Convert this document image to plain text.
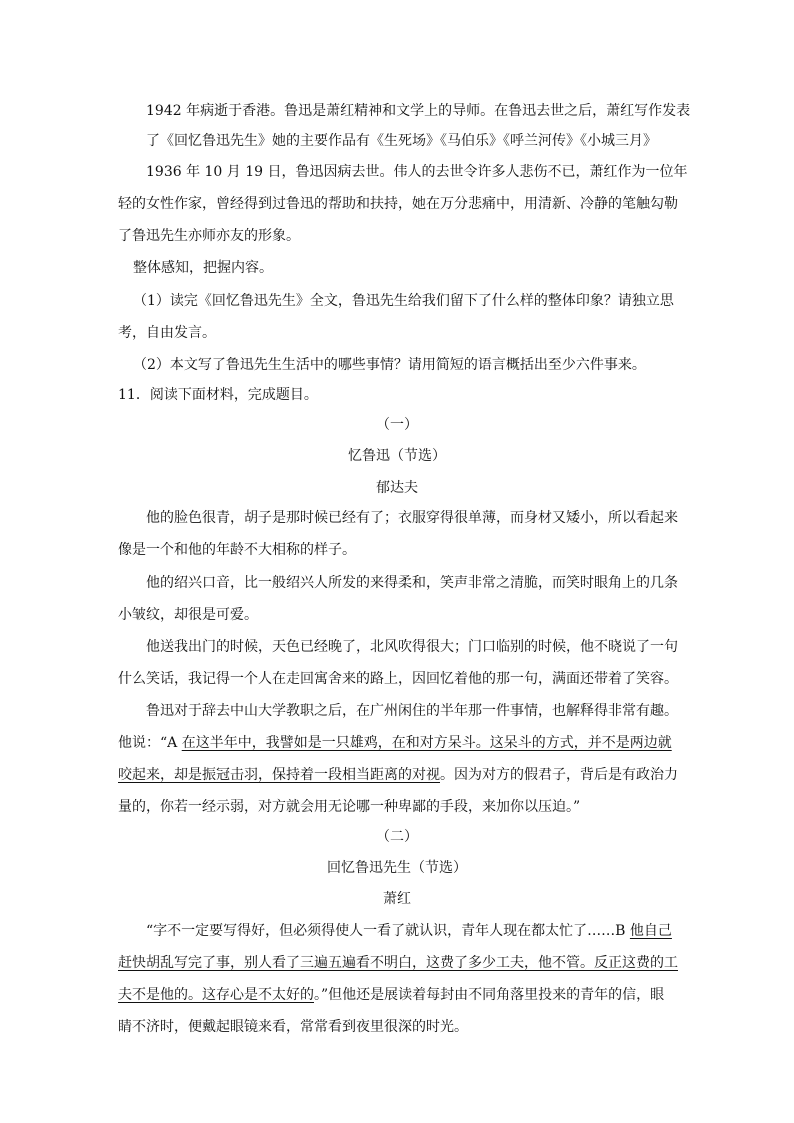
1942 年病逝于香港。鲁迅是萧红精神和文学上的导师。在鲁迅去世之后，萧红写作发表
了《回忆鲁迅先生》她的主要作品有《生死场》《马伯乐》《呼兰河传》《小城三月》
1936 年 10 月 19 日，鲁迅因病去世。伟人的去世令许多人悲伤不已，萧红作为一位年
轻的女性作家，曾经得到过鲁迅的帮助和扶持，她在万分悲痛中，用清新、冷静的笔触勾勒
了鲁迅先生亦师亦友的形象。
整体感知，把握内容。
（1）读完《回忆鲁迅先生》全文，鲁迅先生给我们留下了什么样的整体印象？请独立思
考，自由发言。
（2）本文写了鲁迅先生生活中的哪些事情？请用简短的语言概括出至少六件事来。
11．阅读下面材料，完成题目。
（一）
忆鲁迅（节选）
郁达夫
他的脸色很青，胡子是那时候已经有了；衣服穿得很单薄，而身材又矮小，所以看起来
像是一个和他的年龄不大相称的样子。
他的绍兴口音，比一般绍兴人所发的来得柔和，笑声非常之清脆，而笑时眼角上的几条
小皱纹，却很是可爱。
他送我出门的时候，天色已经晚了，北风吹得很大；门口临别的时候，他不晓说了一句
什么笑话，我记得一个人在走回寓舍来的路上，因回忆着他的那一句，满面还带着了笑容。
鲁迅对于辞去中山大学教职之后，在广州闲住的半年那一件事情，也解释得非常有趣。
他说：“A 在这半年中，我譬如是一只雄鸡，在和对方呆斗。这呆斗的方式，并不是两边就
咬起来，却是振冠击羽，保持着一段相当距离的对视。因为对方的假君子，背后是有政治力
量的，你若一经示弱，对方就会用无论哪一种卑鄙的手段，来加你以压迫。”
（二）
回忆鲁迅先生（节选）
萧红
“字不一定要写得好，但必须得使人一看了就认识，青年人现在都太忙了……B 他自己
赶快胡乱写完了事，别人看了三遍五遍看不明白，这费了多少工夫，他不管。反正这费的工
夫不是他的。这存心是不太好的。”但他还是展读着每封由不同角落里投来的青年的信，眼
睛不济时，便戴起眼镜来看，常常看到夜里很深的时光。
